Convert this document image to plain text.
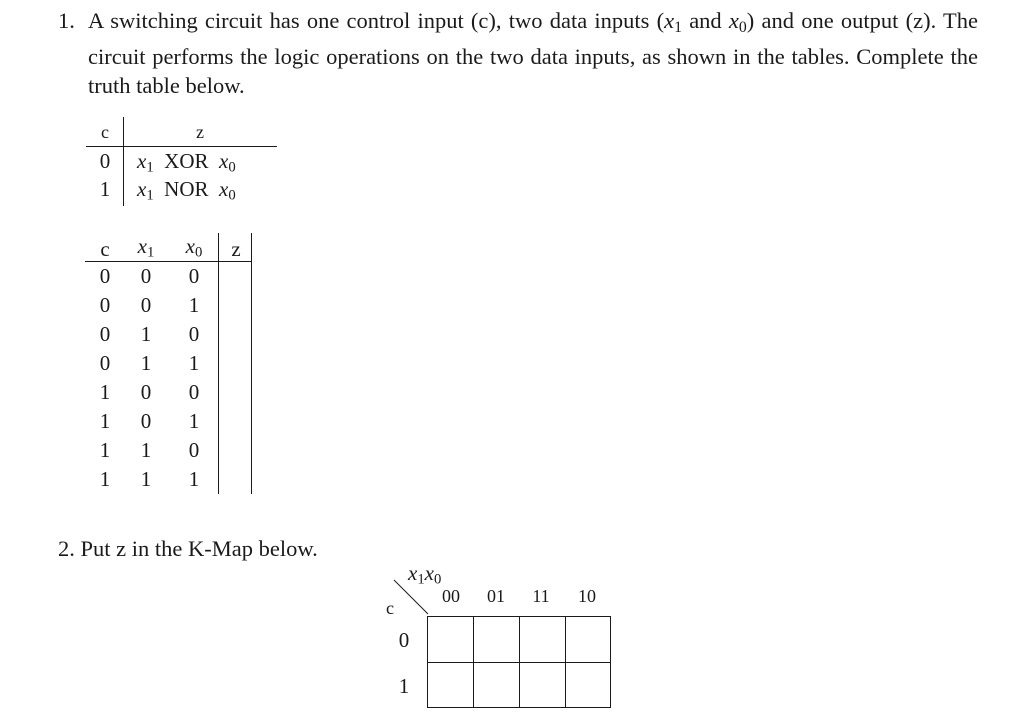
1. A switching circuit has one control input (c), two data inputs ($x_1$ and $x_0$) and one output (z). The circuit performs the logic operations on the two data inputs, as shown in the tables. Complete the truth table below.
c	z
0 $x_1$ XOR $x_0$
1 $x_1$ NOR $x_0$
c	$x_1$	$x_0$	z
0	0	0
0	0	1
0	1	0
0	1	1
1	0	0
1	0	1
1	1	0
1	1	1
2. Put z in the K-Map below.
$x_1x_0$
c
00	01	11	10
0
1
